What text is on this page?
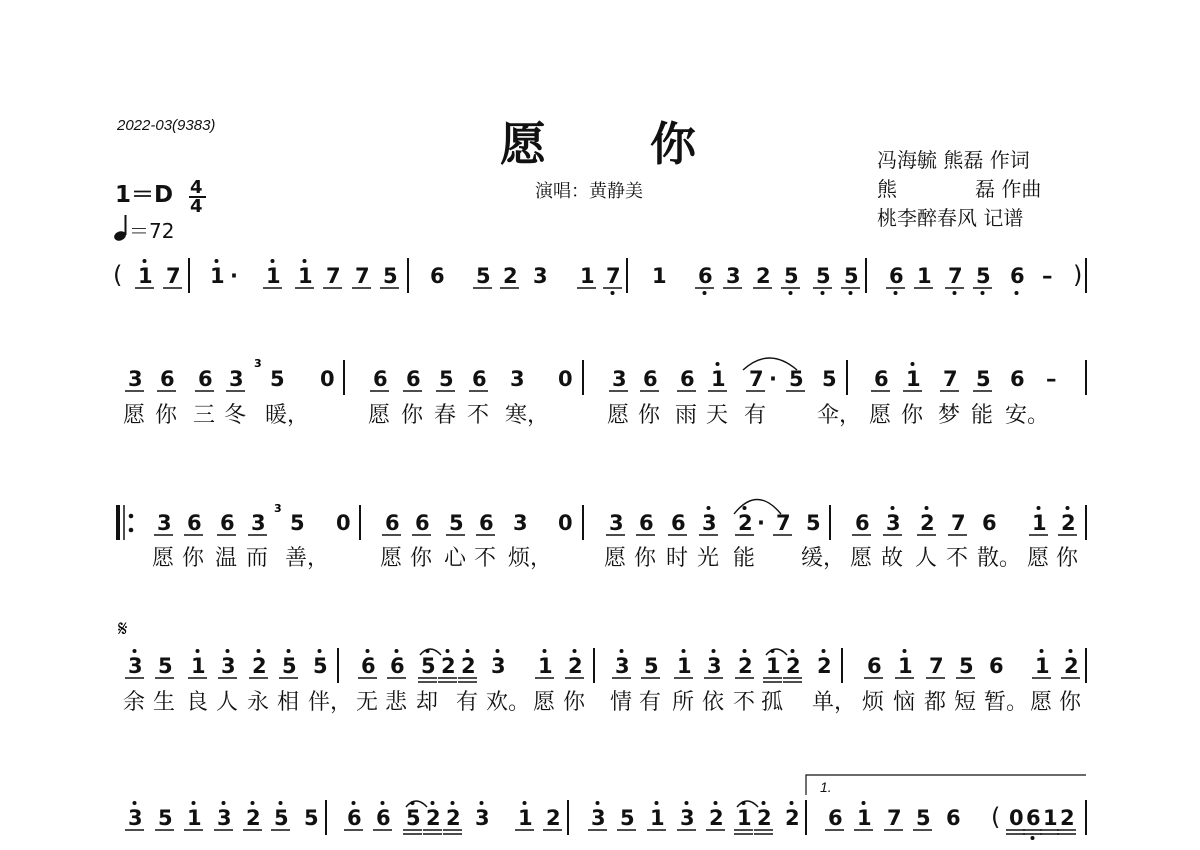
2022-03(9383)	愿 你
演唱：黄静美
1＝D 4
4
＝72
冯海毓 熊磊 作词
熊	磊 作曲
桃李醉春风 记谱
𝄋
1.
3
3
( 1 7 1 · 1 1 7 7 5 6 5 2 3 1 7 1 6 3 2 5 5 5 6 1 7 5 6 – )
3 6 6 3 5 0 6 6 5 6 3 0 3 6 6 1 7 · 5 5 6 1 7 5 6 –
愿 你 三 冬 暖，	愿 你 春 不 寒，	愿 你 雨 天 有 伞， 愿 你 梦 能 安。
3 6 6 3 5 0 6 6 5 6 3 0 3 6 6 3 2 · 7 5 6 3 2 7 6 1 2
愿 你 温 而 善， 愿 你 心 不 烦， 愿 你 时 光 能 缓， 愿 故 人 不 散。 愿 你
3 5 1 3 2 5 5 6 6 5 2 2 3 1 2 3 5 1 3 2 1 2 2 6 1 7 5 6 1 2
余 生 良 人 永 相 伴， 无 悲 却 有 欢。 愿 你 情 有 所 依 不 孤 单， 烦 恼 都 短 暂。 愿 你
3 5 1 3 2 5 5 6 6 5 2 2 3 1 2 3 5 1 3 2 1 2 2 6 1 7 5 6 ( 0 6 1 2
